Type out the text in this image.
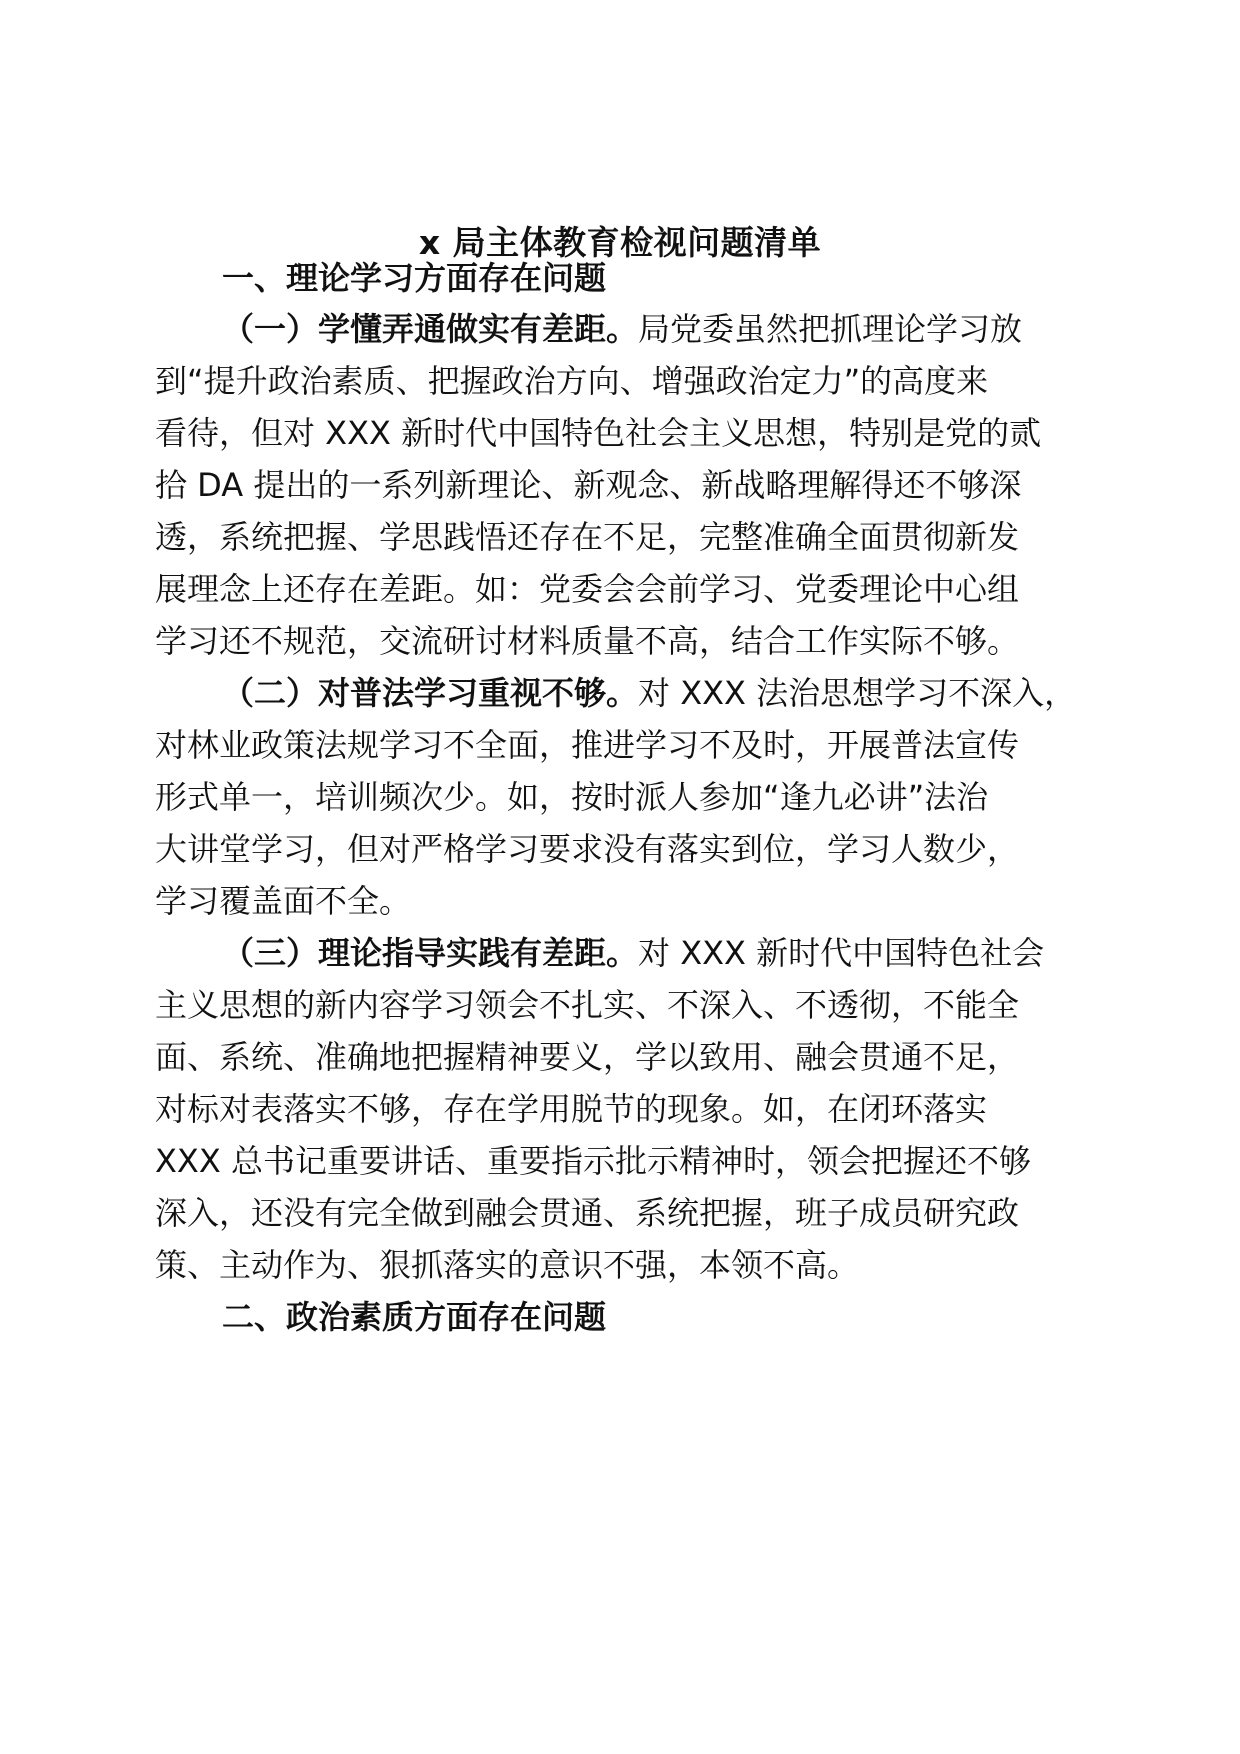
x 局主体教育检视问题清单
一、理论学习方面存在问题
（一）学懂弄通做实有差距。局党委虽然把抓理论学习放
到“提升政治素质、把握政治方向、增强政治定力”的高度来
看待，但对 XXX 新时代中国特色社会主义思想，特别是党的贰
拾 DA 提出的一系列新理论、新观念、新战略理解得还不够深
透，系统把握、学思践悟还存在不足，完整准确全面贯彻新发
展理念上还存在差距。如：党委会会前学习、党委理论中心组
学习还不规范，交流研讨材料质量不高，结合工作实际不够。
（二）对普法学习重视不够。对 XXX 法治思想学习不深入，
对林业政策法规学习不全面，推进学习不及时，开展普法宣传
形式单一，培训频次少。如，按时派人参加“逢九必讲”法治
大讲堂学习，但对严格学习要求没有落实到位，学习人数少，
学习覆盖面不全。
（三）理论指导实践有差距。对 XXX 新时代中国特色社会
主义思想的新内容学习领会不扎实、不深入、不透彻，不能全
面、系统、准确地把握精神要义，学以致用、融会贯通不足，
对标对表落实不够，存在学用脱节的现象。如，在闭环落实
XXX 总书记重要讲话、重要指示批示精神时，领会把握还不够
深入，还没有完全做到融会贯通、系统把握，班子成员研究政
策、主动作为、狠抓落实的意识不强，本领不高。
二、政治素质方面存在问题
